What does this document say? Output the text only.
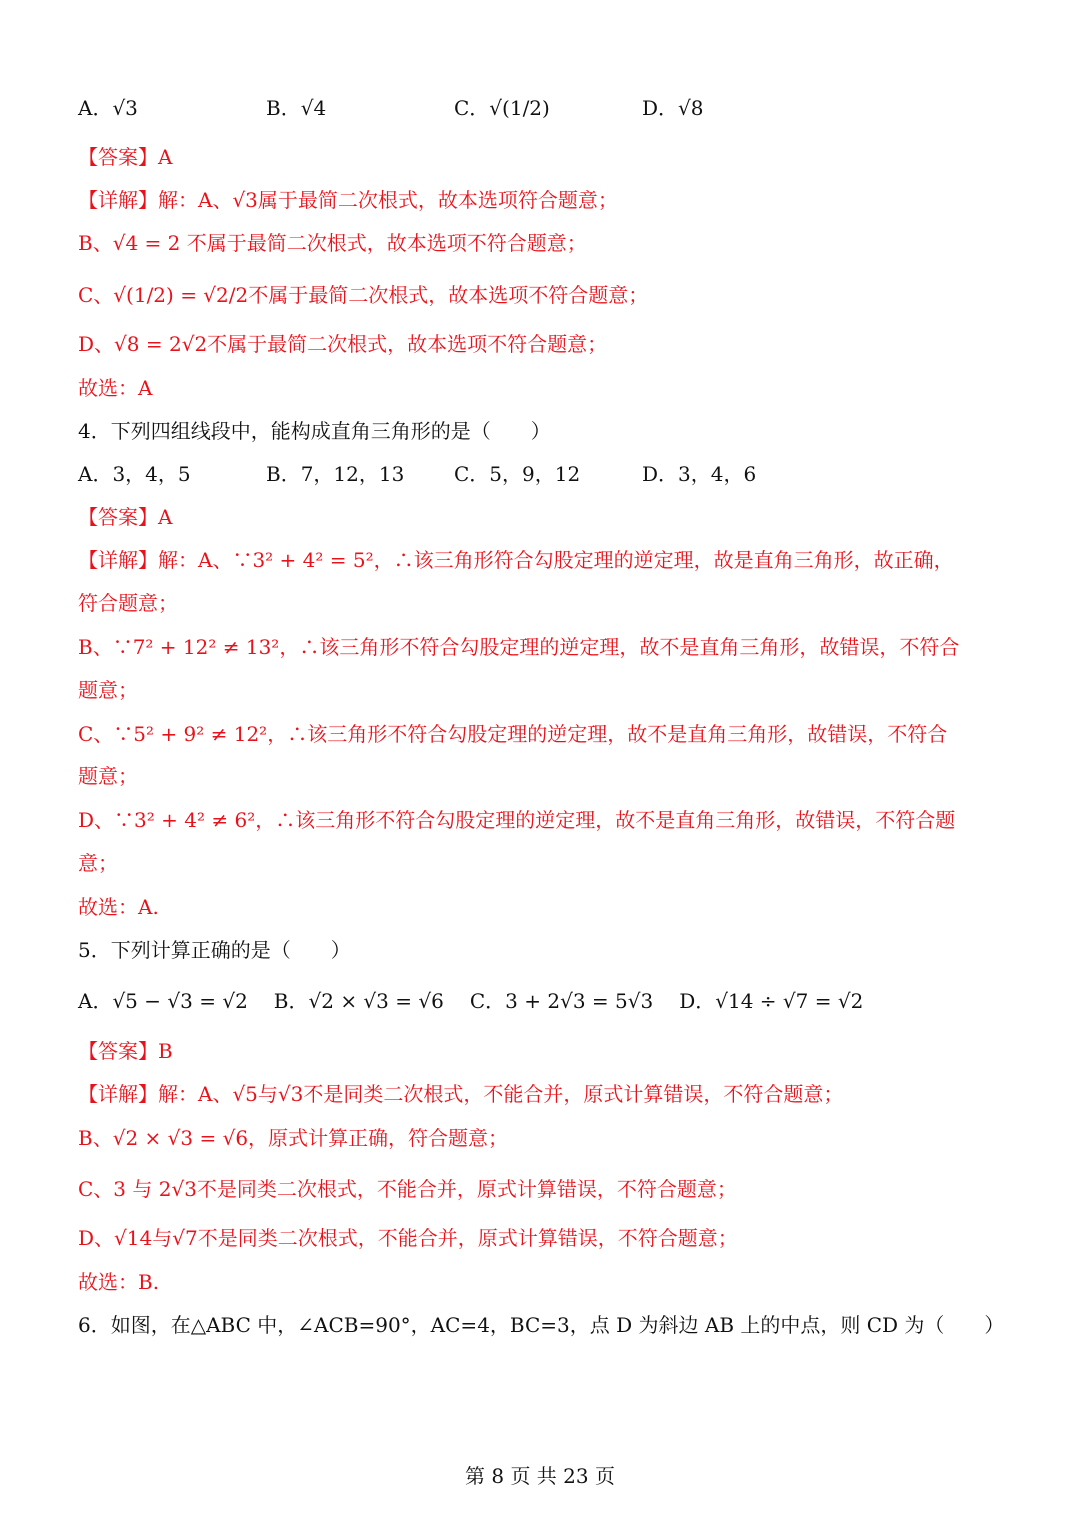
A．√3	B．√4	C．√(1/2)	D．√8
【答案】A
【详解】解：A、√3属于最简二次根式，故本选项符合题意；
B、√4 = 2 不属于最简二次根式，故本选项不符合题意；
C、√(1/2) = √2/2不属于最简二次根式，故本选项不符合题意；
D、√8 = 2√2不属于最简二次根式，故本选项不符合题意；
故选：A
4．下列四组线段中，能构成直角三角形的是（　　）
A．3，4，5	B．7，12，13	C．5，9，12	D．3，4，6
【答案】A
【详解】解：A、∵3² + 4² = 5²，∴该三角形符合勾股定理的逆定理，故是直角三角形，故正确，
符合题意；
B、∵7² + 12² ≠ 13²，∴该三角形不符合勾股定理的逆定理，故不是直角三角形，故错误，不符合
题意；
C、∵5² + 9² ≠ 12²，∴该三角形不符合勾股定理的逆定理，故不是直角三角形，故错误，不符合
题意；
D、∵3² + 4² ≠ 6²，∴该三角形不符合勾股定理的逆定理，故不是直角三角形，故错误，不符合题
意；
故选：A.
5．下列计算正确的是（　　）
A．√5 − √3 = √2 B．√2 × √3 = √6 C．3 + 2√3 = 5√3 D．√14 ÷ √7 = √2
【答案】B
【详解】解：A、√5与√3不是同类二次根式，不能合并，原式计算错误，不符合题意；
B、√2 × √3 = √6，原式计算正确，符合题意；
C、3 与 2√3不是同类二次根式，不能合并，原式计算错误，不符合题意；
D、√14与√7不是同类二次根式，不能合并，原式计算错误，不符合题意；
故选：B.
6．如图，在△ABC 中，∠ACB=90°，AC=4，BC=3，点 D 为斜边 AB 上的中点，则 CD 为（　　）
第 8 页 共 23 页
